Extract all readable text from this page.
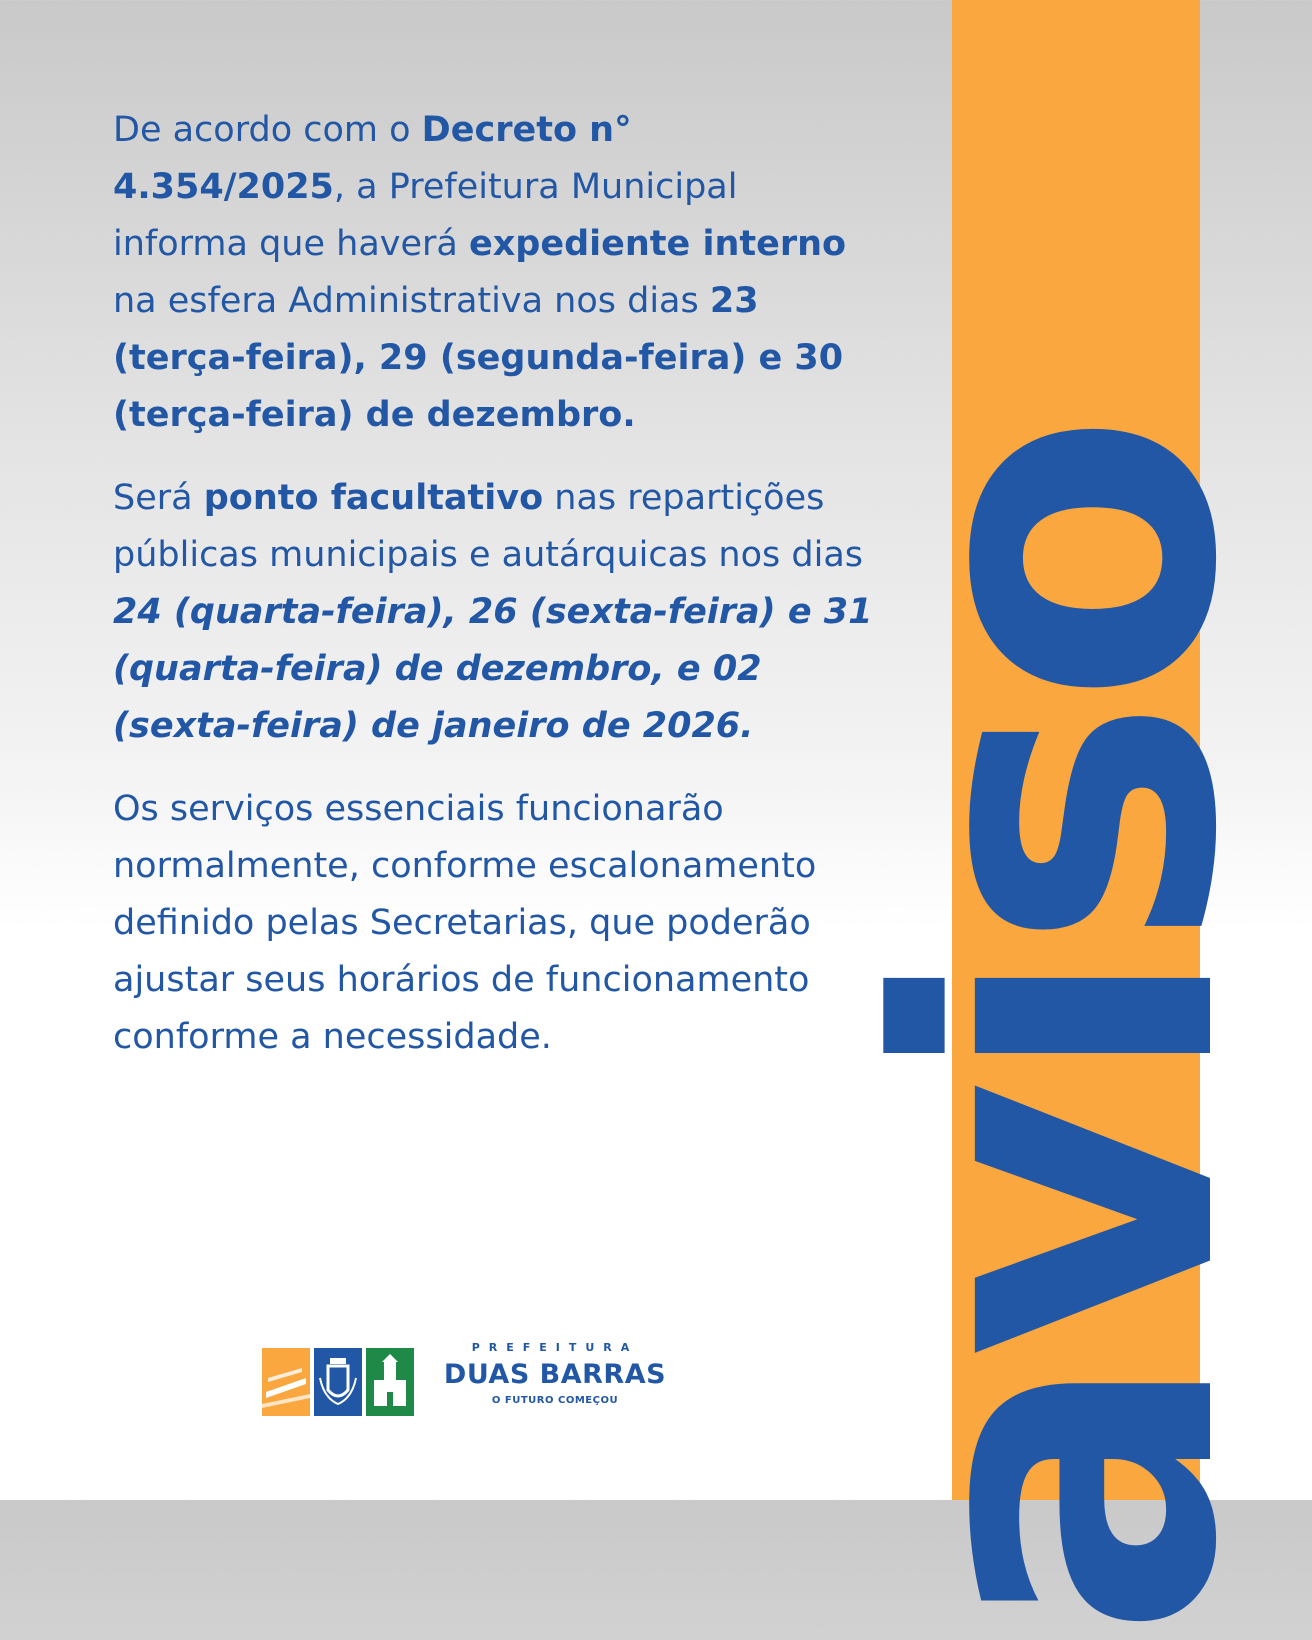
aviso

De acordo com o Decreto n° 4.354/2025, a Prefeitura Municipal informa que haverá expediente interno na esfera Administrativa nos dias 23 (terça-feira), 29 (segunda-feira) e 30 (terça-feira) de dezembro.

Será ponto facultativo nas repartições públicas municipais e autárquicas nos dias 24 (quarta-feira), 26 (sexta-feira) e 31 (quarta-feira) de dezembro, e 02 (sexta-feira) de janeiro de 2026.

Os serviços essenciais funcionarão normalmente, conforme escalonamento definido pelas Secretarias, que poderão ajustar seus horários de funcionamento conforme a necessidade.

PREFEITURA
DUAS BARRAS
O FUTURO COMEÇOU
